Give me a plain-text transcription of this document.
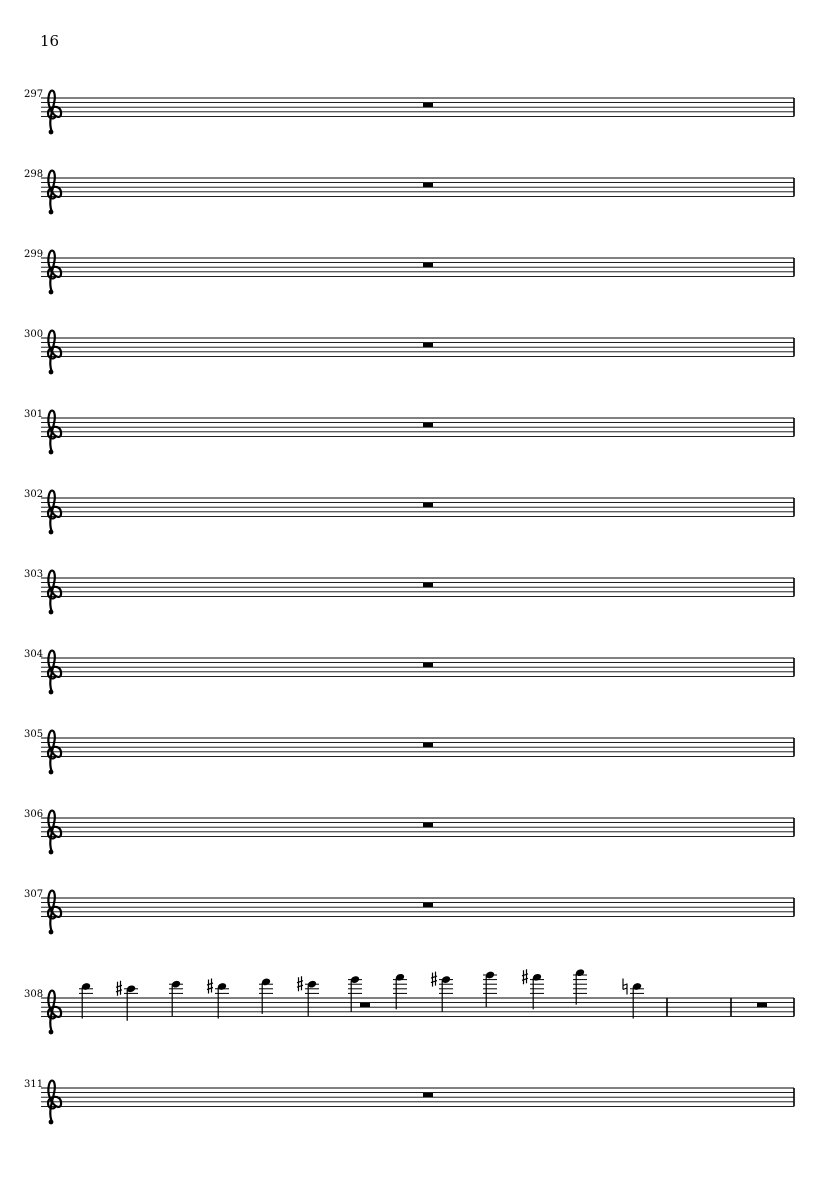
16
297
298
299
300
301
302
303
304
305
306
307
308
311
